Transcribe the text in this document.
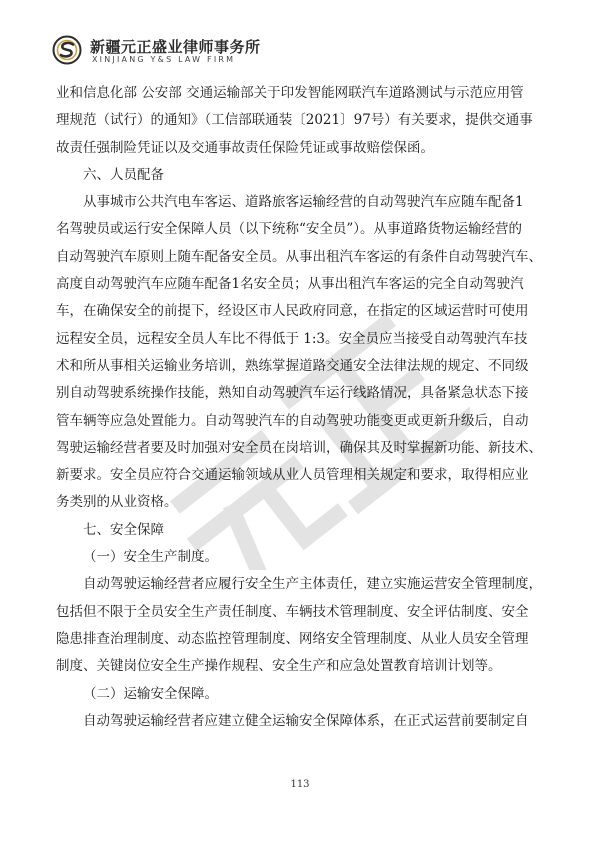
新疆元正盛业律师事务所
XINJIANG Y&S LAW FIRM
业和信息化部 公安部 交通运输部关于印发智能网联汽车道路测试与示范应用管
理规范（试行）的通知》（工信部联通装〔2021〕97号）有关要求，提供交通事
故责任强制险凭证以及交通事故责任保险凭证或事故赔偿保函。
六、人员配备
从事城市公共汽电车客运、道路旅客运输经营的自动驾驶汽车应随车配备1
名驾驶员或运行安全保障人员（以下统称“安全员”）。从事道路货物运输经营的
自动驾驶汽车原则上随车配备安全员。从事出租汽车客运的有条件自动驾驶汽车、
高度自动驾驶汽车应随车配备1名安全员；从事出租汽车客运的完全自动驾驶汽
车，在确保安全的前提下，经设区市人民政府同意，在指定的区域运营时可使用
远程安全员，远程安全员人车比不得低于 1:3。安全员应当接受自动驾驶汽车技
术和所从事相关运输业务培训，熟练掌握道路交通安全法律法规的规定、不同级
别自动驾驶系统操作技能，熟知自动驾驶汽车运行线路情况，具备紧急状态下接
管车辆等应急处置能力。自动驾驶汽车的自动驾驶功能变更或更新升级后，自动
驾驶运输经营者要及时加强对安全员在岗培训，确保其及时掌握新功能、新技术、
新要求。安全员应符合交通运输领域从业人员管理相关规定和要求，取得相应业
务类别的从业资格。
七、安全保障
（一）安全生产制度。
自动驾驶运输经营者应履行安全生产主体责任，建立实施运营安全管理制度，
包括但不限于全员安全生产责任制度、车辆技术管理制度、安全评估制度、安全
隐患排查治理制度、动态监控管理制度、网络安全管理制度、从业人员安全管理
制度、关键岗位安全生产操作规程、安全生产和应急处置教育培训计划等。
（二）运输安全保障。
自动驾驶运输经营者应建立健全运输安全保障体系，在正式运营前要制定自
113
